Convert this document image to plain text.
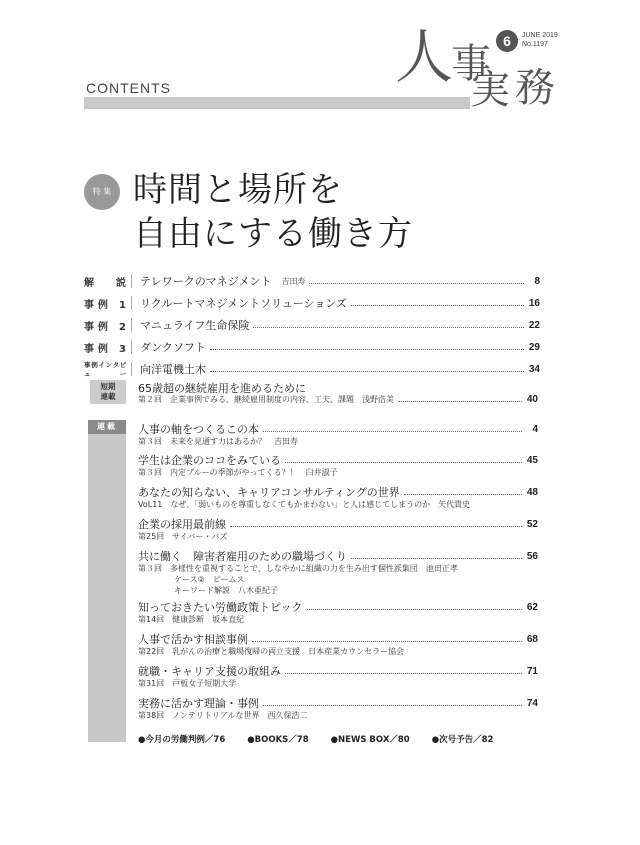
CONTENTS	人
事
実 務
6	JUNE 2019
No.1197
特 集 時間と場所を
自由にする働き方
解　説 テレワークのマネジメント 吉田寿	8
事例 1 リクルートマネジメントソリューションズ	16
事例 2 マニュライフ生命保険	22
事例 3 ダンクソフト	29
事例インタビュー 向洋電機土木	34
短期
連載
65歳超の継続雇用を進めるために
第２回　企業事例でみる、継続雇用制度の内容、工夫、課題　浅野浩美	40
連載	人事の軸をつくるこの本	4
第３回　未来を見通す力はあるか？　吉田寿
学生は企業のココをみている	45
第３回　内定ブルーの季節がやってくる？！　臼井淑子
あなたの知らない、キャリアコンサルティングの世界	48
VoL11　なぜ、「弱いものを尊重しなくてもかまわない」と人は感じてしまうのか　矢代貴史
企業の採用最前線	52
第25回　サイバー・バズ
共に働く　障害者雇用のための職場づくり	56
第３回　多様性を重視することで、しなやかに組織の力を生み出す個性派集団　池田正孝
ケース②　ビームス
キーワード解説　八木亜紀子
知っておきたい労働政策トピック	62
第14回　健康診断　坂本直紀
人事で活かす相談事例	68
第22回　乳がんの治療と職場復帰の両立支援　日本産業カウンセラー協会
就職・キャリア支援の取組み	71
第31回　戸板女子短期大学
実務に活かす理論・事例	74
第38回　ノンテリトリアルな世界　西久保浩二
●今月の労働判例／76	●BOOKS／78	●NEWS BOX／80	●次号予告／82
